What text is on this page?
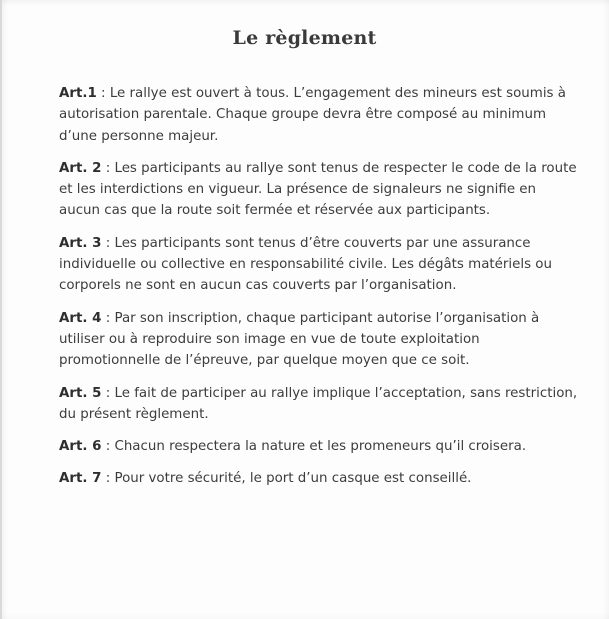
Le règlement

Art.1 : Le rallye est ouvert à tous. L’engagement des mineurs est soumis à autorisation parentale. Chaque groupe devra être composé au minimum d’une personne majeur.

Art. 2 : Les participants au rallye sont tenus de respecter le code de la route et les interdictions en vigueur. La présence de signaleurs ne signifie en aucun cas que la route soit fermée et réservée aux participants.

Art. 3 : Les participants sont tenus d’être couverts par une assurance individuelle ou collective en responsabilité civile. Les dégâts matériels ou corporels ne sont en aucun cas couverts par l’organisation.

Art. 4 : Par son inscription, chaque participant autorise l’organisation à utiliser ou à reproduire son image en vue de toute exploitation promotionnelle de l’épreuve, par quelque moyen que ce soit.

Art. 5 : Le fait de participer au rallye implique l’acceptation, sans restriction, du présent règlement.

Art. 6 : Chacun respectera la nature et les promeneurs qu’il croisera.

Art. 7 : Pour votre sécurité, le port d’un casque est conseillé.
